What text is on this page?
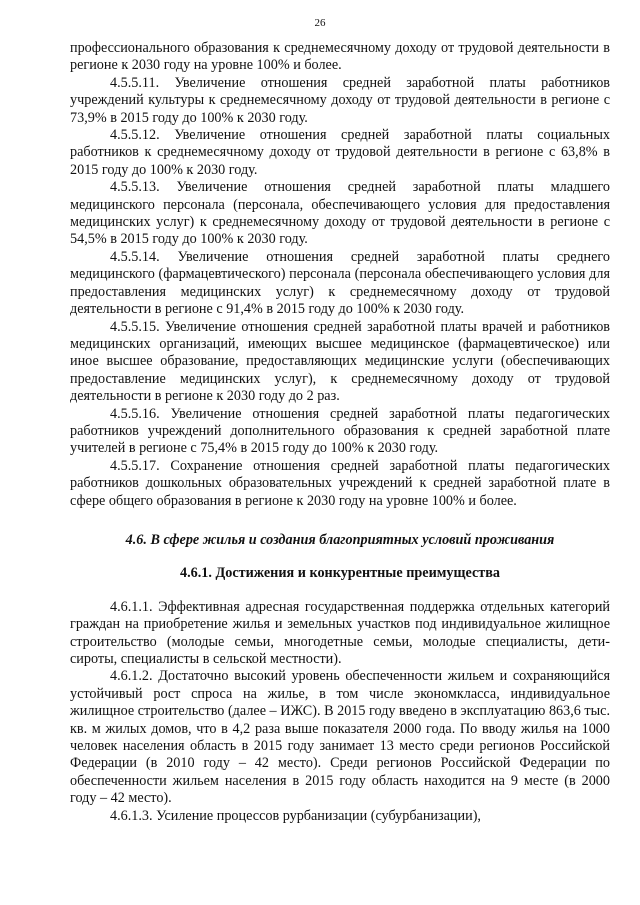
26

профессионального образования к среднемесячному доходу от трудовой деятельности в регионе к 2030 году на уровне 100% и более.

4.5.5.11. Увеличение отношения средней заработной платы работников учреждений культуры к среднемесячному доходу от трудовой деятельности в регионе с 73,9% в 2015 году до 100% к 2030 году.

4.5.5.12. Увеличение отношения средней заработной платы социальных работников к среднемесячному доходу от трудовой деятельности в регионе с 63,8% в 2015 году до 100% к 2030 году.

4.5.5.13. Увеличение отношения средней заработной платы младшего медицинского персонала (персонала, обеспечивающего условия для предоставления медицинских услуг) к среднемесячному доходу от трудовой деятельности в регионе с 54,5% в 2015 году до 100% к 2030 году.

4.5.5.14. Увеличение отношения средней заработной платы среднего медицинского (фармацевтического) персонала (персонала обеспечивающего условия для предоставления медицинских услуг) к среднемесячному доходу от трудовой деятельности в регионе с 91,4% в 2015 году до 100% к 2030 году.

4.5.5.15. Увеличение отношения средней заработной платы врачей и работников медицинских организаций, имеющих высшее медицинское (фармацевтическое) или иное высшее образование, предоставляющих медицинские услуги (обеспечивающих предоставление медицинских услуг), к среднемесячному доходу от трудовой деятельности в регионе к 2030 году до 2 раз.

4.5.5.16. Увеличение отношения средней заработной платы педагогических работников учреждений дополнительного образования к средней заработной плате учителей в регионе с 75,4% в 2015 году до 100% к 2030 году.

4.5.5.17. Сохранение отношения средней заработной платы педагогических работников дошкольных образовательных учреждений к средней заработной плате в сфере общего образования в регионе к 2030 году на уровне 100% и более.

4.6. В сфере жилья и создания благоприятных условий проживания

4.6.1. Достижения и конкурентные преимущества

4.6.1.1. Эффективная адресная государственная поддержка отдельных категорий граждан на приобретение жилья и земельных участков под индивидуальное жилищное строительство (молодые семьи, многодетные семьи, молодые специалисты, дети-сироты, специалисты в сельской местности).

4.6.1.2. Достаточно высокий уровень обеспеченности жильем и сохраняющийся устойчивый рост спроса на жилье, в том числе экономкласса, индивидуальное жилищное строительство (далее – ИЖС). В 2015 году введено в эксплуатацию 863,6 тыс. кв. м жилых домов, что в 4,2 раза выше показателя 2000 года. По вводу жилья на 1000 человек населения область в 2015 году занимает 13 место среди регионов Российской Федерации (в 2010 году – 42 место). Среди регионов Российской Федерации по обеспеченности жильем населения в 2015 году область находится на 9 месте (в 2000 году – 42 место).

4.6.1.3. Усиление процессов рурбанизации (субурбанизации),
